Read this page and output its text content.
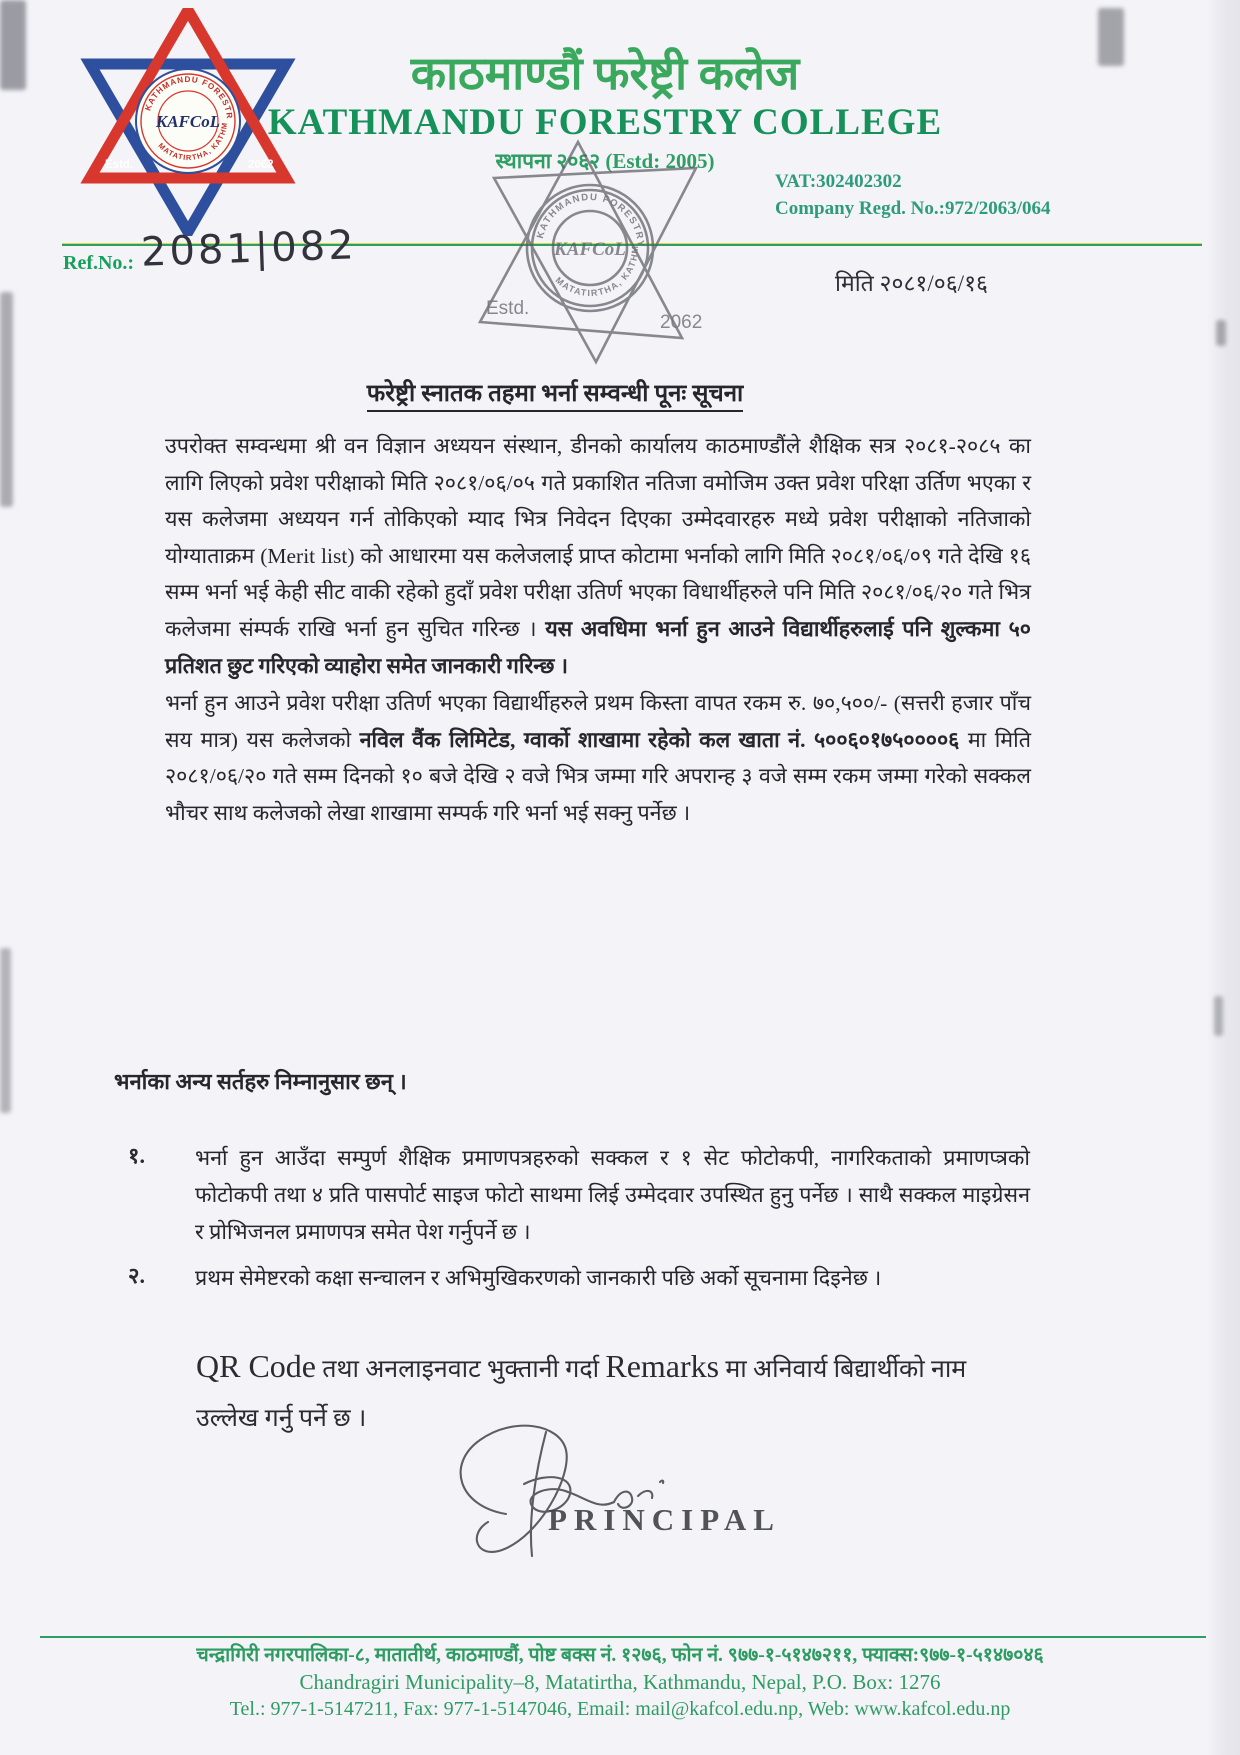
KATHMANDU FORESTR
MATATIRTHA, KATHM
KAFCoL
Estd.	2062
काठमाण्डौं फरेष्ट्री कलेज
KATHMANDU FORESTRY COLLEGE
स्थापना २०६२ (Estd: 2005)
VAT:302402302
Company Regd. No.:972/2063/064
Ref.No.: 2081|082	KATHMANDU FORESTRY
MATATIRTHA, KATHM
KAFCoL
Estd.
2062
मिति २०८१/०६/१६
फरेष्ट्री स्नातक तहमा भर्ना सम्वन्धी पूनः सूचना
उपरोक्त सम्वन्धमा श्री वन विज्ञान अध्ययन संस्थान, डीनको कार्यालय काठमाण्डौंले शैक्षिक सत्र २०८१-२०८५ का लागि लिएको प्रवेश परीक्षाको मिति २०८१/०६/०५ गते प्रकाशित नतिजा वमोजिम उक्त प्रवेश परिक्षा उर्तिण भएका र यस कलेजमा अध्ययन गर्न तोकिएको म्याद भित्र निवेदन दिएका उम्मेदवारहरु मध्ये प्रवेश परीक्षाको नतिजाको योग्याताक्रम (Merit list) को आधारमा यस कलेजलाई प्राप्त कोटामा भर्नाको लागि मिति २०८१/०६/०९ गते देखि १६ सम्म भर्ना भई केही सीट वाकी रहेको हुदाँ प्रवेश परीक्षा उतिर्ण भएका विधार्थीहरुले पनि मिति २०८१/०६/२० गते भित्र कलेजमा संम्पर्क राखि भर्ना हुन सुचित गरिन्छ । यस अवधिमा भर्ना हुन आउने विद्यार्थीहरुलाई पनि शुल्कमा ५० प्रतिशत छुट गरिएको व्याहोरा समेत जानकारी गरिन्छ ।
भर्ना हुन आउने प्रवेश परीक्षा उतिर्ण भएका विद्यार्थीहरुले प्रथम किस्ता वापत रकम रु. ७०,५००/- (सत्तरी हजार पाँच सय मात्र) यस कलेजको नविल वैंक लिमिटेड, ग्वार्को शाखामा रहेको कल खाता नं. ५००६०१७५००००६ मा मिति २०८१/०६/२० गते सम्म दिनको १० बजे देखि २ वजे भित्र जम्मा गरि अपरान्ह ३ वजे सम्म रकम जम्मा गरेको सक्कल भौचर साथ कलेजको लेखा शाखामा सम्पर्क गरि भर्ना भई सक्नु पर्नेछ ।
भर्नाका अन्य सर्तहरु निम्नानुसार छन् ।
१. भर्ना हुन आउँदा सम्पुर्ण शैक्षिक प्रमाणपत्रहरुको सक्कल र १ सेट फोटोकपी, नागरिकताको प्रमाणप्त्रको फोटोकपी तथा ४ प्रति पासपोर्ट साइज फोटो साथमा लिई उम्मेदवार उपस्थित हुनु पर्नेछ । साथै सक्कल माइग्रेसन र प्रोभिजनल प्रमाणपत्र समेत पेश गर्नुपर्ने छ ।
२. प्रथम सेमेष्टरको कक्षा सन्चालन र अभिमुखिकरणको जानकारी पछि अर्को सूचनामा दिइनेछ ।
QR Code तथा अनलाइनवाट भुक्तानी गर्दा Remarks मा अनिवार्य बिद्यार्थीको नाम उल्लेख गर्नु पर्ने छ ।
PRINCIPAL
चन्द्रागिरी नगरपालिका-८, मातातीर्थ, काठमाण्डौं, पोष्ट बक्स नं. १२७६, फोन नं. ९७७-१-५१४७२११, फ्याक्स:९७७-१-५१४७०४६
Chandragiri Municipality–8, Matatirtha, Kathmandu, Nepal, P.O. Box: 1276
Tel.: 977-1-5147211, Fax: 977-1-5147046, Email: mail@kafcol.edu.np, Web: www.kafcol.edu.np
